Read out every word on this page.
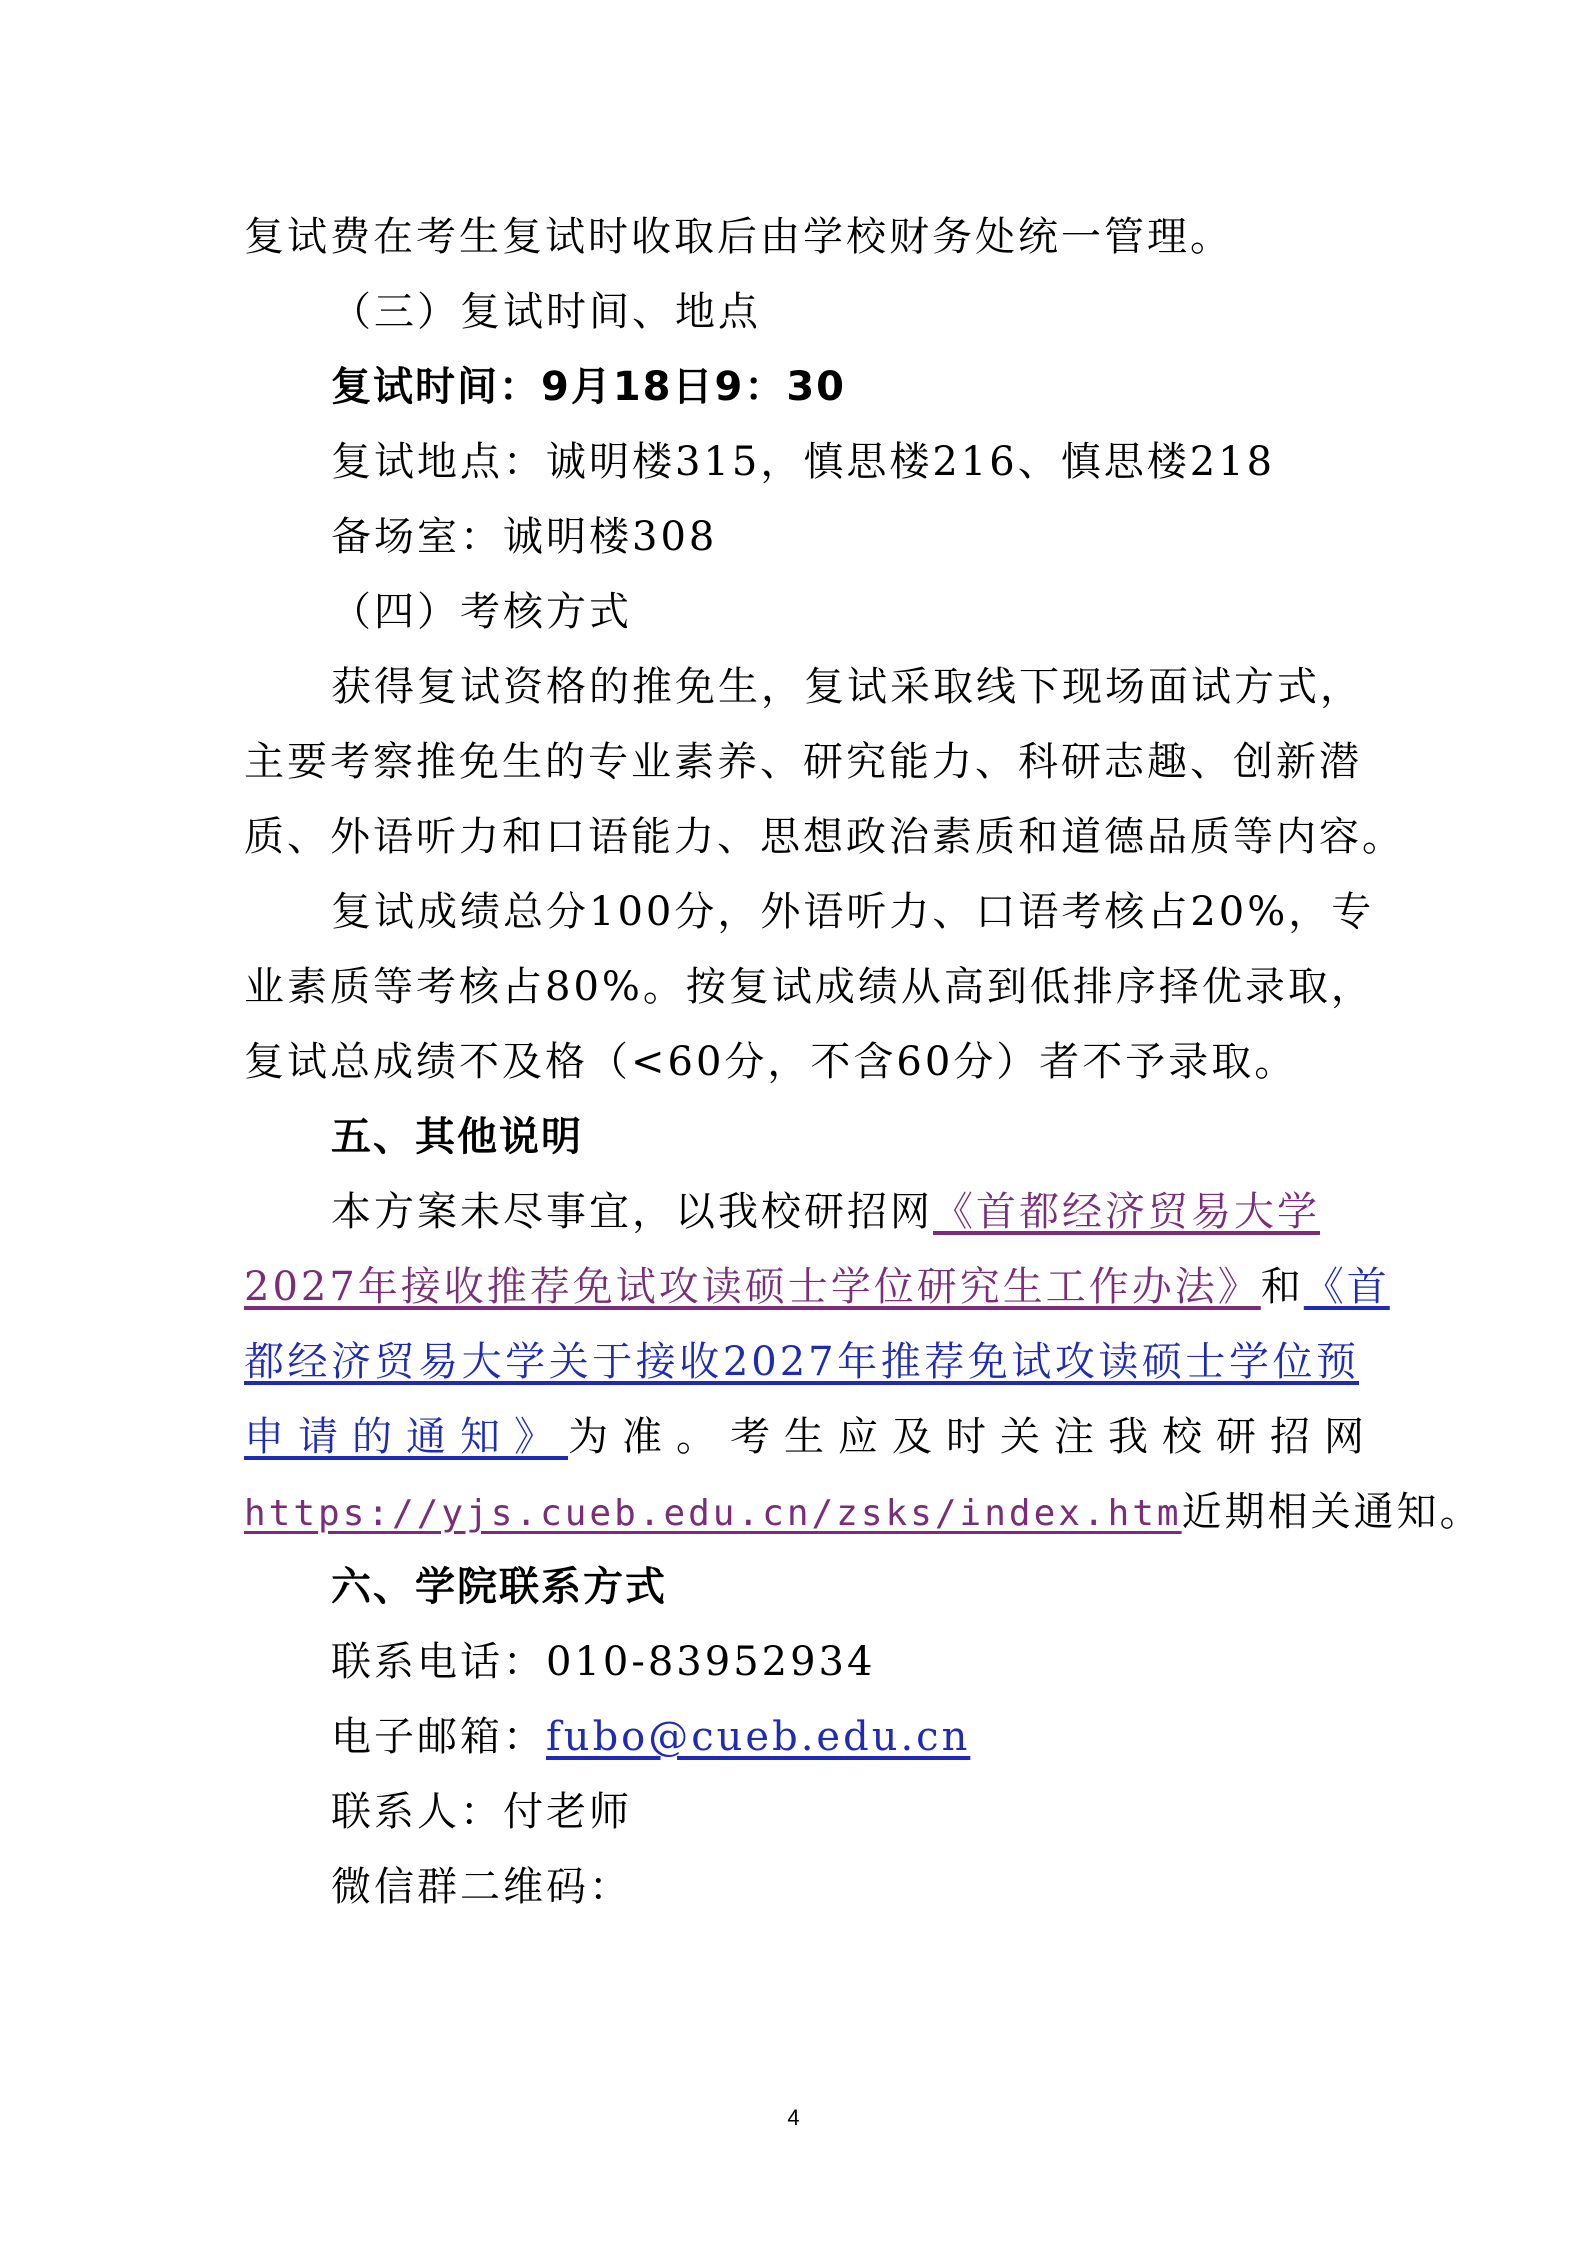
复试费在考生复试时收取后由学校财务处统一管理。
（三）复试时间、地点
复试时间：9月18日9：30
复试地点：诚明楼315，慎思楼216、慎思楼218
备场室：诚明楼308
（四）考核方式
获得复试资格的推免生，复试采取线下现场面试方式，
主要考察推免生的专业素养、研究能力、科研志趣、创新潜
质、外语听力和口语能力、思想政治素质和道德品质等内容。
复试成绩总分100分，外语听力、口语考核占20%，专
业素质等考核占80%。按复试成绩从高到低排序择优录取，
复试总成绩不及格（<60分，不含60分）者不予录取。
五、其他说明
本方案未尽事宜，以我校研招网《首都经济贸易大学
2027年接收推荐免试攻读硕士学位研究生工作办法》和《首
都经济贸易大学关于接收2027年推荐免试攻读硕士学位预
申请的通知》为准。考生应及时关注我校研招网
https://yjs.cueb.edu.cn/zsks/index.htm近期相关通知。
六、学院联系方式
联系电话：010-83952934
电子邮箱：fubo@cueb.edu.cn
联系人：付老师
微信群二维码：
4
